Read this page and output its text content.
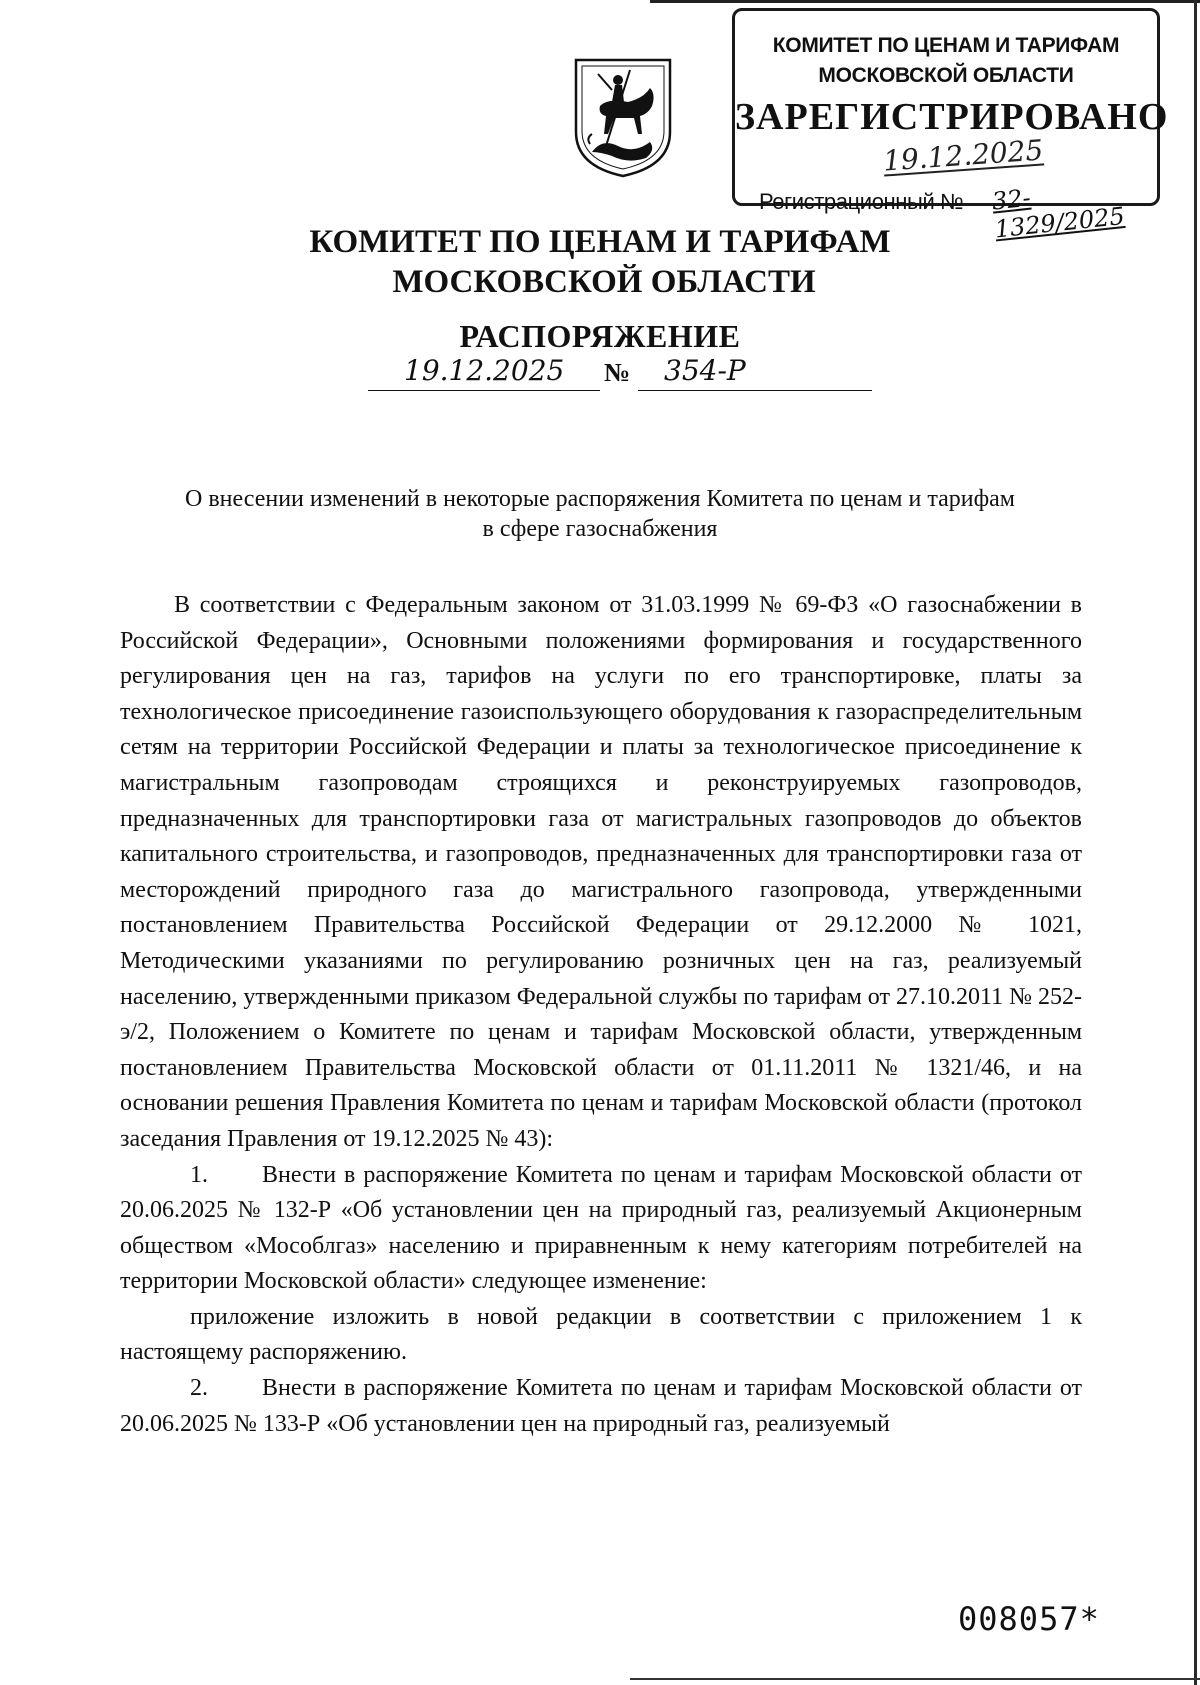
КОМИТЕТ ПО ЦЕНАМ И ТАРИФАМ
МОСКОВСКОЙ ОБЛАСТИ
ЗАРЕГИСТРИРОВАНО
19.12.2025
Регистрационный № 32-1329/2025
КОМИТЕТ ПО ЦЕНАМ И ТАРИФАМ
МОСКОВСКОЙ ОБЛАСТИ
РАСПОРЯЖЕНИЕ
19.12.2025 № 354-Р
О внесении изменений в некоторые распоряжения Комитета по ценам и тарифам
в сфере газоснабжения

В соответствии с Федеральным законом от 31.03.1999 № 69-ФЗ «О газоснабжении в Российской Федерации», Основными положениями формирования и государственного регулирования цен на газ, тарифов на услуги по его транспортировке, платы за технологическое присоединение газоиспользующего оборудования к газораспределительным сетям на территории Российской Федерации и платы за технологическое присоединение к магистральным газопроводам строящихся и реконструируемых газопроводов, предназначенных для транспортировки газа от магистральных газопроводов до объектов капитального строительства, и газопроводов, предназначенных для транспортировки газа от месторождений природного газа до магистрального газопровода, утвержденными постановлением Правительства Российской Федерации от 29.12.2000 № 1021, Методическими указаниями по регулированию розничных цен на газ, реализуемый населению, утвержденными приказом Федеральной службы по тарифам от 27.10.2011 № 252-э/2, Положением о Комитете по ценам и тарифам Московской области, утвержденным постановлением Правительства Московской области от 01.11.2011 № 1321/46, и на основании решения Правления Комитета по ценам и тарифам Московской области (протокол заседания Правления от 19.12.2025 № 43):

1. Внести в распоряжение Комитета по ценам и тарифам Московской области от 20.06.2025 № 132-Р «Об установлении цен на природный газ, реализуемый Акционерным обществом «Мособлгаз» населению и приравненным к нему категориям потребителей на территории Московской области» следующее изменение:

приложение изложить в новой редакции в соответствии с приложением 1 к настоящему распоряжению.

2. Внести в распоряжение Комитета по ценам и тарифам Московской области от 20.06.2025 № 133-Р «Об установлении цен на природный газ, реализуемый

008057*
